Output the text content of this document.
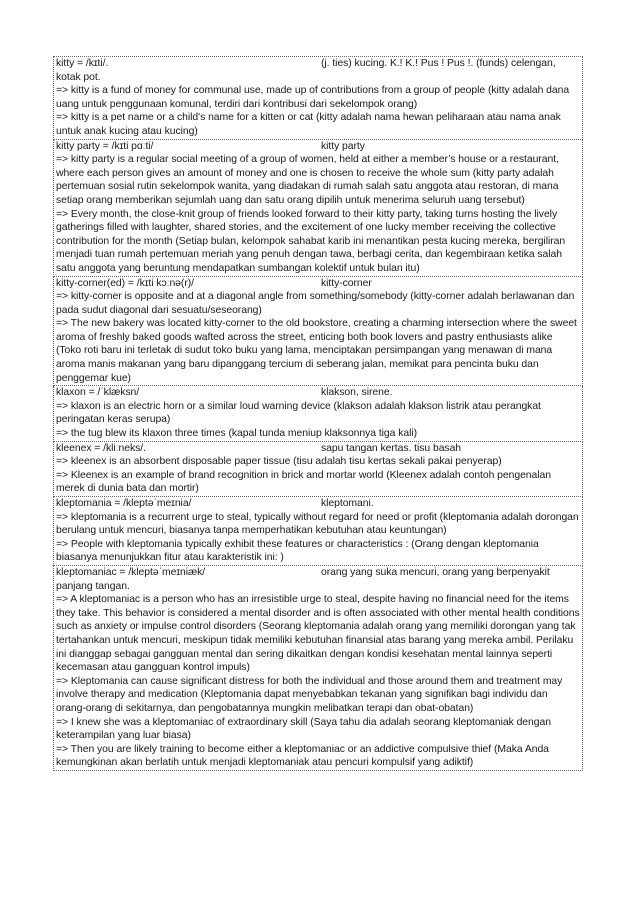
kitty = /kɪti/.	(j. ties) kucing. K.! K.! Pus ! Pus !. (funds) celengan, kotak pot.
=> kitty is a fund of money for communal use, made up of contributions from a group of people (kitty adalah dana uang untuk penggunaan komunal, terdiri dari kontribusi dari sekelompok orang)
=> kitty is a pet name or a child's name for a kitten or cat (kitty adalah nama hewan peliharaan atau nama anak untuk anak kucing atau kucing)
kitty party = /kɪti pɑːti/	kitty party
=> kitty party is a regular social meeting of a group of women, held at either a member’s house or a restaurant, where each person gives an amount of money and one is chosen to receive the whole sum (kitty party adalah pertemuan sosial rutin sekelompok wanita, yang diadakan di rumah salah satu anggota atau restoran, di mana setiap orang memberikan sejumlah uang dan satu orang dipilih untuk menerima seluruh uang tersebut)
=> Every month, the close-knit group of friends looked forward to their kitty party, taking turns hosting the lively gatherings filled with laughter, shared stories, and the excitement of one lucky member receiving the collective contribution for the month (Setiap bulan, kelompok sahabat karib ini menantikan pesta kucing mereka, bergiliran menjadi tuan rumah pertemuan meriah yang penuh dengan tawa, berbagi cerita, dan kegembiraan ketika salah satu anggota yang beruntung mendapatkan sumbangan kolektif untuk bulan itu)
kitty-corner(ed) = /kɪti kɔːnə(r)/	kitty-corner
=> kitty-corner is opposite and at a diagonal angle from something/somebody (kitty-corner adalah berlawanan dan pada sudut diagonal dari sesuatu/seseorang)
=> The new bakery was located kitty-corner to the old bookstore, creating a charming intersection where the sweet aroma of freshly baked goods wafted across the street, enticing both book lovers and pastry enthusiasts alike (Toko roti baru ini terletak di sudut toko buku yang lama, menciptakan persimpangan yang menawan di mana aroma manis makanan yang baru dipanggang tercium di seberang jalan, memikat para pencinta buku dan penggemar kue)
klaxon = /ˈklæksn/	klakson, sirene.
=> klaxon is an electric horn or a similar loud warning device (klakson adalah klakson listrik atau perangkat peringatan keras serupa)
=> the tug blew its klaxon three times (kapal tunda meniup klaksonnya tiga kali)
kleenex = /kliːneks/.	sapu tangan kertas. tisu basah
=> kleenex is an absorbent disposable paper tissue (tisu adalah tisu kertas sekali pakai penyerap)
=> Kleenex is an example of brand recognition in brick and mortar world (Kleenex adalah contoh pengenalan merek di dunia bata dan mortir)
kleptomania = /kleptəˈmeɪnia/	kleptomani.
=> kleptomania is a recurrent urge to steal, typically without regard for need or profit (kleptomania adalah dorongan berulang untuk mencuri, biasanya tanpa memperhatikan kebutuhan atau keuntungan)
=> People with kleptomania typically exhibit these features or characteristics : (Orang dengan kleptomania biasanya menunjukkan fitur atau karakteristik ini: )
kleptomaniac = /kleptəˈmeɪniæk/	orang yang suka mencuri, orang yang berpenyakit panjang tangan.
=> A kleptomaniac is a person who has an irresistible urge to steal, despite having no financial need for the items they take. This behavior is considered a mental disorder and is often associated with other mental health conditions such as anxiety or impulse control disorders (Seorang kleptomania adalah orang yang memiliki dorongan yang tak tertahankan untuk mencuri, meskipun tidak memiliki kebutuhan finansial atas barang yang mereka ambil. Perilaku ini dianggap sebagai gangguan mental dan sering dikaitkan dengan kondisi kesehatan mental lainnya seperti kecemasan atau gangguan kontrol impuls)
=> Kleptomania can cause significant distress for both the individual and those around them and treatment may involve therapy and medication (Kleptomania dapat menyebabkan tekanan yang signifikan bagi individu dan orang-orang di sekitarnya, dan pengobatannya mungkin melibatkan terapi dan obat-obatan)
=> I knew she was a kleptomaniac of extraordinary skill (Saya tahu dia adalah seorang kleptomaniak dengan keterampilan yang luar biasa)
=> Then you are likely training to become either a kleptomaniac or an addictive compulsive thief (Maka Anda kemungkinan akan berlatih untuk menjadi kleptomaniak atau pencuri kompulsif yang adiktif)
